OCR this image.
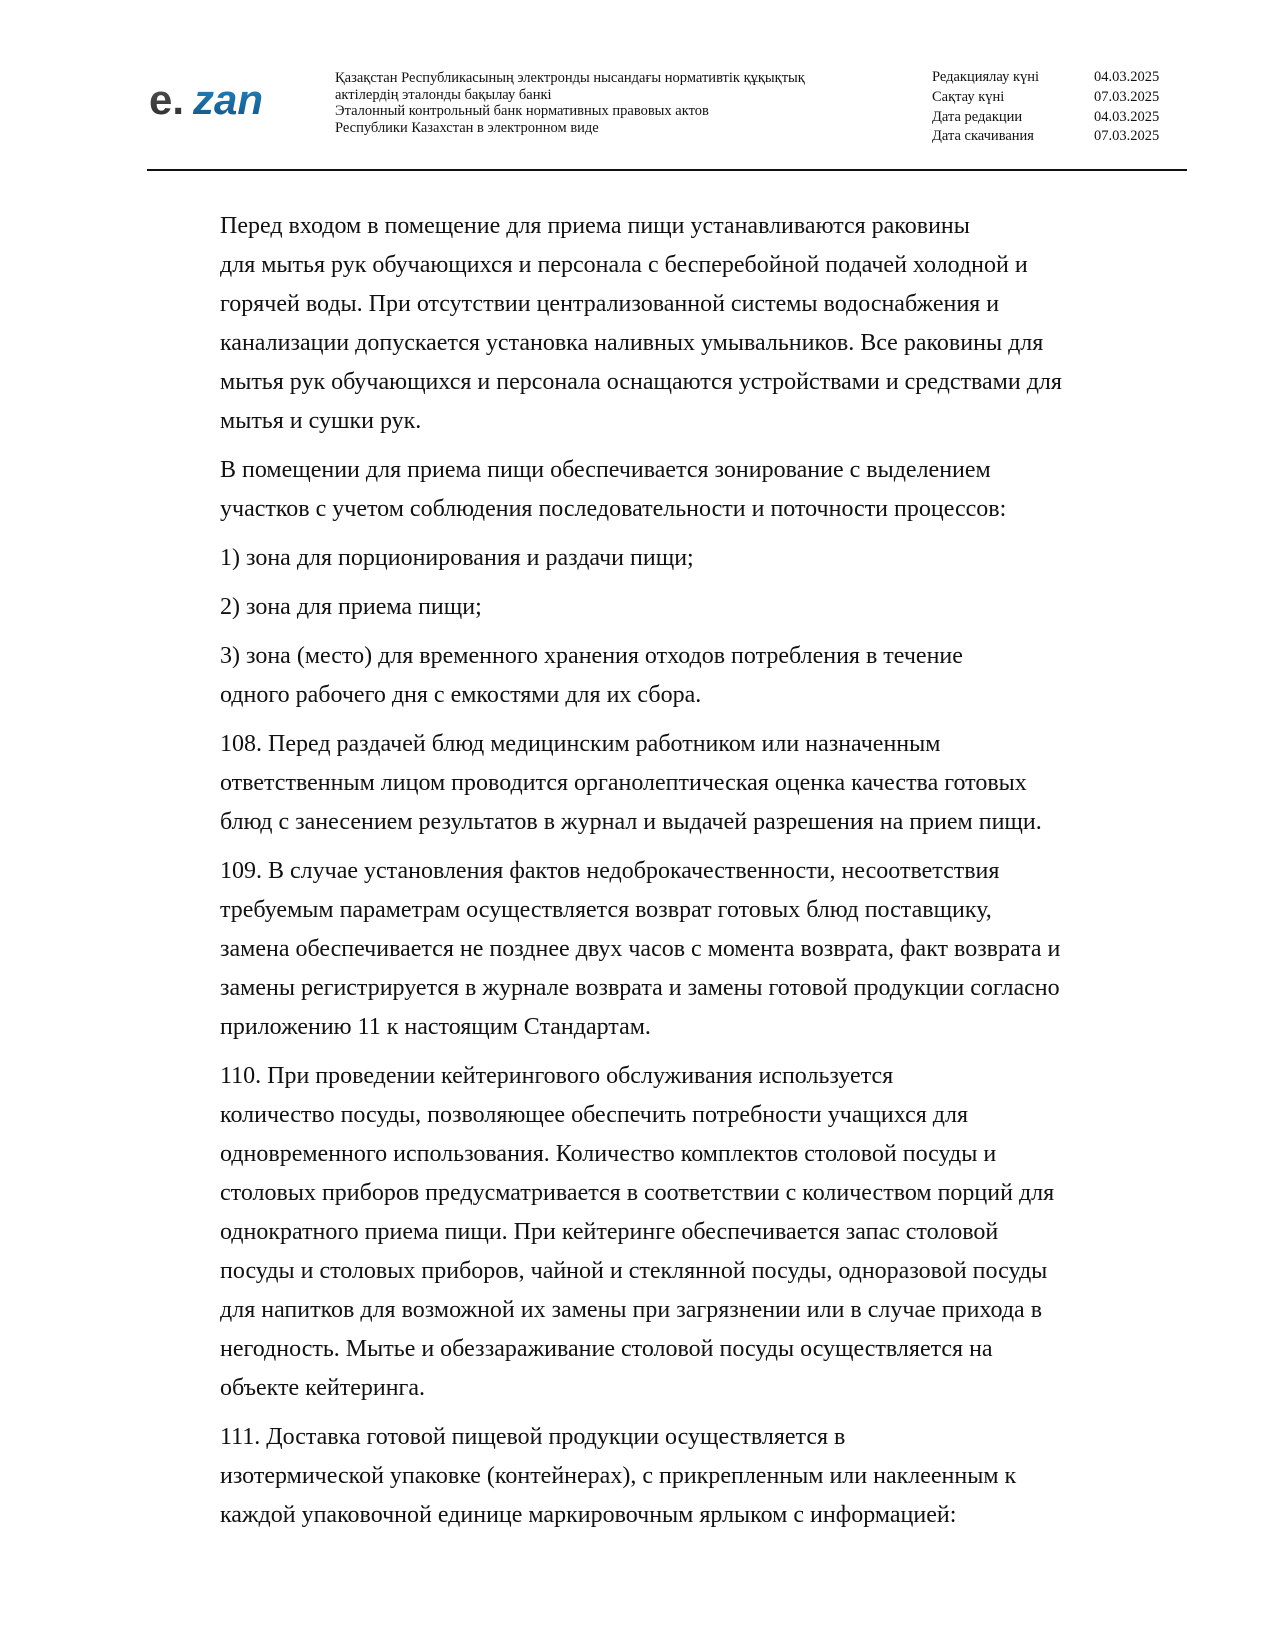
e. zan	Қазақстан Республикасының электронды нысандағы нормативтік құқықтық
актілердің эталонды бақылау банкі
Эталонный контрольный банк нормативных правовых актов
Республики Казахстан в электронном виде
Редакциялау күні	04.03.2025
Сақтау күні	07.03.2025
Дата редакции	04.03.2025
Дата скачивания	07.03.2025

Перед входом в помещение для приема пищи устанавливаются раковины
для мытья рук обучающихся и персонала с бесперебойной подачей холодной и
горячей воды. При отсутствии централизованной системы водоснабжения и
канализации допускается установка наливных умывальников. Все раковины для
мытья рук обучающихся и персонала оснащаются устройствами и средствами для
мытья и сушки рук.

В помещении для приема пищи обеспечивается зонирование с выделением
участков с учетом соблюдения последовательности и поточности процессов:

1) зона для порционирования и раздачи пищи;

2) зона для приема пищи;

3) зона (место) для временного хранения отходов потребления в течение
одного рабочего дня с емкостями для их сбора.

108. Перед раздачей блюд медицинским работником или назначенным
ответственным лицом проводится органолептическая оценка качества готовых
блюд с занесением результатов в журнал и выдачей разрешения на прием пищи.

109. В случае установления фактов недоброкачественности, несоответствия
требуемым параметрам осуществляется возврат готовых блюд поставщику,
замена обеспечивается не позднее двух часов с момента возврата, факт возврата и
замены регистрируется в журнале возврата и замены готовой продукции согласно
приложению 11 к настоящим Стандартам.

110. При проведении кейтерингового обслуживания используется
количество посуды, позволяющее обеспечить потребности учащихся для
одновременного использования. Количество комплектов столовой посуды и
столовых приборов предусматривается в соответствии с количеством порций для
однократного приема пищи. При кейтеринге обеспечивается запас столовой
посуды и столовых приборов, чайной и стеклянной посуды, одноразовой посуды
для напитков для возможной их замены при загрязнении или в случае прихода в
негодность. Мытье и обеззараживание столовой посуды осуществляется на
объекте кейтеринга.

111. Доставка готовой пищевой продукции осуществляется в
изотермической упаковке (контейнерах), с прикрепленным или наклеенным к
каждой упаковочной единице маркировочным ярлыком с информацией:
